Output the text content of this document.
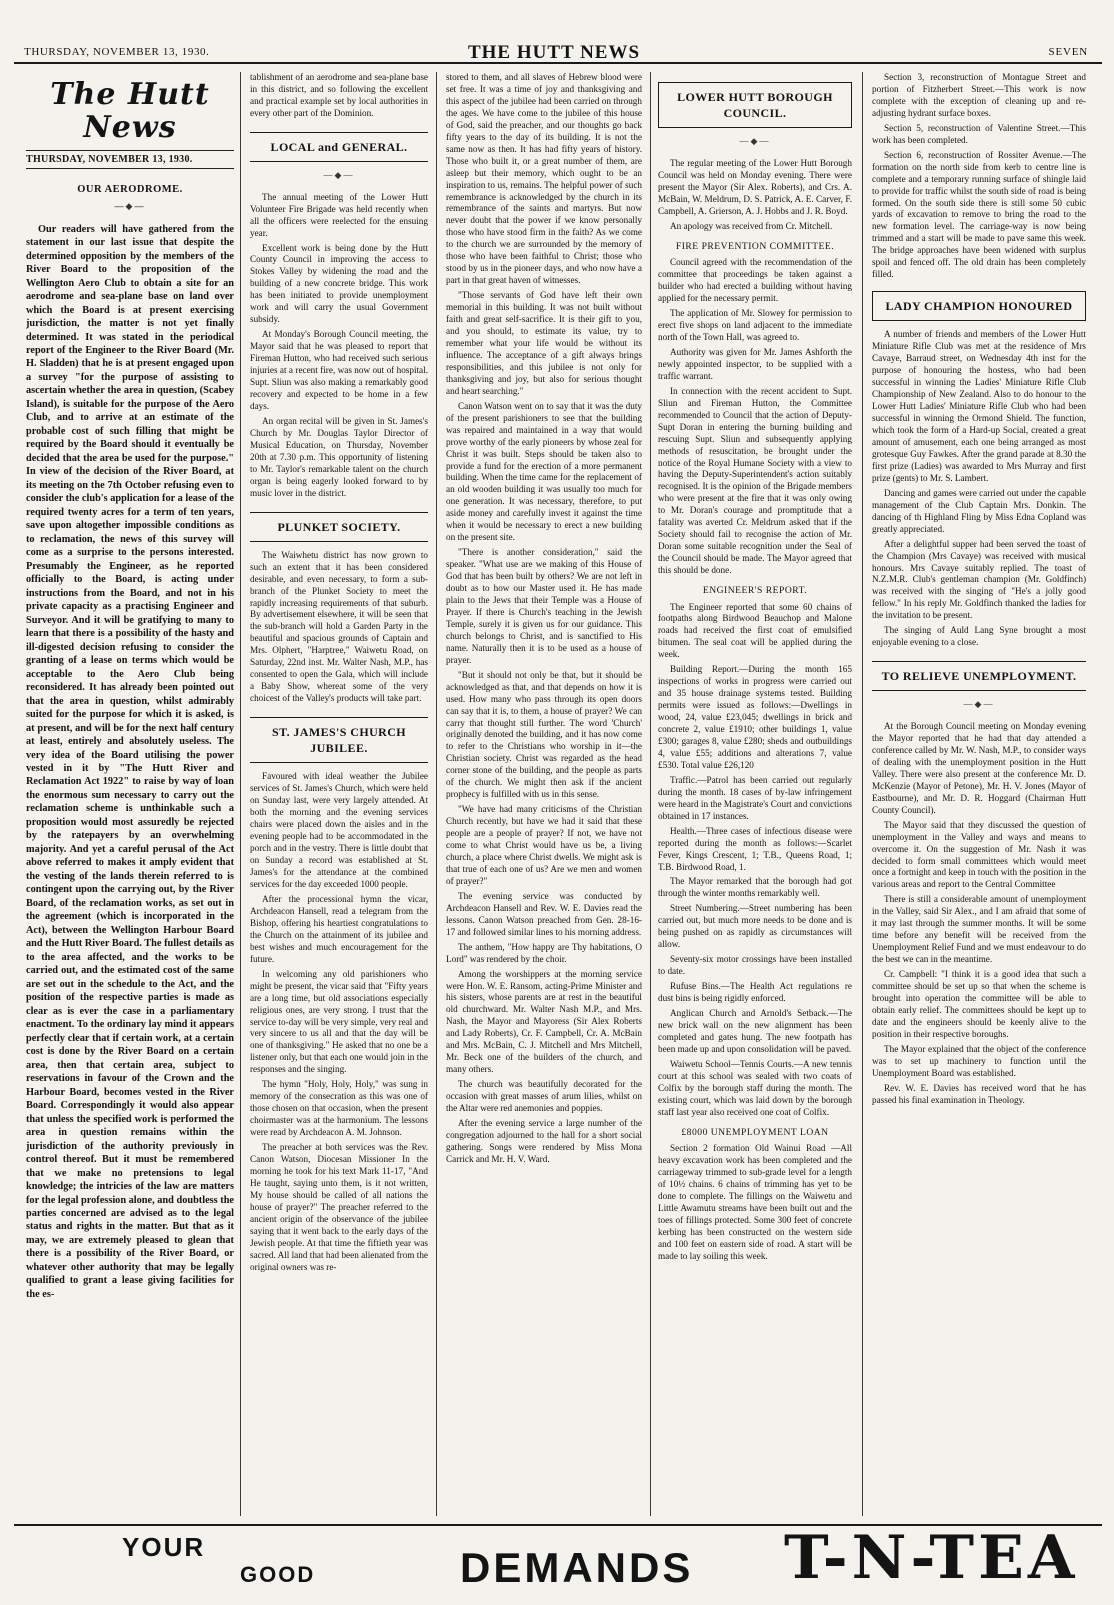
THURSDAY, NOVEMBER 13, 1930.	THE HUTT NEWS	SEVEN
The Hutt News
THURSDAY, NOVEMBER 13, 1930.
OUR AERODROME.
—◆—

Our readers will have gathered from the statement in our last issue that despite the determined opposition by the members of the River Board to the proposition of the Wellington Aero Club to obtain a site for an aerodrome and sea-plane base on land over which the Board is at present exercising jurisdiction, the matter is not yet finally determined. It was stated in the periodical report of the Engineer to the River Board (Mr. H. Sladden) that he is at present engaged upon a survey "for the purpose of assisting to ascertain whether the area in question, (Scabey Island), is suitable for the purpose of the Aero Club, and to arrive at an estimate of the probable cost of such filling that might be required by the Board should it eventually be decided that the area be used for the purpose." In view of the decision of the River Board, at its meeting on the 7th October refusing even to consider the club's application for a lease of the required twenty acres for a term of ten years, save upon altogether impossible conditions as to reclamation, the news of this survey will come as a surprise to the persons interested. Presumably the Engineer, as he reported officially to the Board, is acting under instructions from the Board, and not in his private capacity as a practising Engineer and Surveyor. And it will be gratifying to many to learn that there is a possibility of the hasty and ill-digested decision refusing to consider the granting of a lease on terms which would be acceptable to the Aero Club being reconsidered. It has already been pointed out that the area in question, whilst admirably suited for the purpose for which it is asked, is at present, and will be for the next half century at least, entirely and absolutely useless. The very idea of the Board utilising the power vested in it by "The Hutt River and Reclamation Act 1922" to raise by way of loan the enormous sum necessary to carry out the reclamation scheme is unthinkable such a proposition would most assuredly be rejected by the ratepayers by an overwhelming majority. And yet a careful perusal of the Act above referred to makes it amply evident that the vesting of the lands therein referred to is contingent upon the carrying out, by the River Board, of the reclamation works, as set out in the agreement (which is incorporated in the Act), between the Wellington Harbour Board and the Hutt River Board. The fullest details as to the area affected, and the works to be carried out, and the estimated cost of the same are set out in the schedule to the Act, and the position of the respective parties is made as clear as is ever the case in a parliamentary enactment. To the ordinary lay mind it appears perfectly clear that if certain work, at a certain cost is done by the River Board on a certain area, then that certain area, subject to reservations in favour of the Crown and the Harbour Board, becomes vested in the River Board. Correspondingly it would also appear that unless the specified work is performed the area in question remains within the jurisdiction of the authority previously in control thereof. But it must be remembered that we make no pretensions to legal knowledge; the intricies of the law are matters for the legal profession alone, and doubtless the parties concerned are advised as to the legal status and rights in the matter. But that as it may, we are extremely pleased to glean that there is a possibility of the River Board, or whatever other authority that may be legally qualified to grant a lease giving facilities for the es-

tablishment of an aerodrome and sea-plane base in this district, and so following the excellent and practical example set by local authorities in every other part of the Dominion.

LOCAL and GENERAL.
—◆—

The annual meeting of the Lower Hutt Volunteer Fire Brigade was held recently when all the officers were reelected for the ensuing year.

Excellent work is being done by the Hutt County Council in improving the access to Stokes Valley by widening the road and the building of a new concrete bridge. This work has been initiated to provide unemployment work and will carry the usual Government subsidy.

At Monday's Borough Council meeting, the Mayor said that he was pleased to report that Fireman Hutton, who had received such serious injuries at a recent fire, was now out of hospital. Supt. Sliun was also making a remarkably good recovery and expected to be home in a few days.

An organ recital will be given in St. James's Church by Mr. Douglas Taylor Director of Musical Education, on Thursday, November 20th at 7.30 p.m. This opportunity of listening to Mr. Taylor's remarkable talent on the church organ is being eagerly looked forward to by music lover in the district.

PLUNKET SOCIETY.

The Waiwhetu district has now grown to such an extent that it has been considered desirable, and even necessary, to form a sub-branch of the Plunket Society to meet the rapidly increasing requirements of that suburb. By advertisement elsewhere, it will be seen that the sub-branch will hold a Garden Party in the beautiful and spacious grounds of Captain and Mrs. Olphert, "Harptree," Waiwetu Road, on Saturday, 22nd inst. Mr. Walter Nash, M.P., has consented to open the Gala, which will include a Baby Show, whereat some of the very choicest of the Valley's products will take part.

ST. JAMES'S CHURCH JUBILEE.

Favoured with ideal weather the Jubilee services of St. James's Church, which were held on Sunday last, were very largely attended. At both the morning and the evening services chairs were placed down the aisles and in the evening people had to be accommodated in the porch and in the vestry. There is little doubt that on Sunday a record was established at St. James's for the attendance at the combined services for the day exceeded 1000 people.

After the processional hymn the vicar, Archdeacon Hansell, read a telegram from the Bishop, offering his heartiest congratulations to the Church on the attainment of its jubilee and best wishes and much encouragement for the future.

In welcoming any old parishioners who might be present, the vicar said that "Fifty years are a long time, but old associations especially religious ones, are very strong. I trust that the service to-day will be very simple, very real and very sincere to us all and that the day will be one of thanksgiving." He asked that no one be a listener only, but that each one would join in the responses and the singing.

The hymn "Holy, Holy, Holy," was sung in memory of the consecration as this was one of those chosen on that occasion, when the present choirmaster was at the harmonium. The lessons were read by Archdeacon A. M. Johnson.

The preacher at both services was the Rev. Canon Watson, Diocesan Missioner In the morning he took for his text Mark 11-17, "And He taught, saying unto them, is it not written, My house should be called of all nations the house of prayer?" The preacher referred to the ancient origin of the observance of the jubilee saying that it went back to the early days of the Jewish people. At that time the fiftieth year was sacred. All land that had been alienated from the original owners was re-

stored to them, and all slaves of Hebrew blood were set free. It was a time of joy and thanksgiving and this aspect of the jubilee had been carried on through the ages. We have come to the jubilee of this house of God, said the preacher, and our thoughts go back fifty years to the day of its building. It is not the same now as then. It has had fifty years of history. Those who built it, or a great number of them, are asleep but their memory, which ought to be an inspiration to us, remains. The helpful power of such remembrance is acknowledged by the church in its remembrance of the saints and martyrs. But now never doubt that the power if we know personally those who have stood firm in the faith? As we come to the church we are surrounded by the memory of those who have been faithful to Christ; those who stood by us in the pioneer days, and who now have a part in that great haven of witnesses.

"Those servants of God have left their own memorial in this building. It was not built without faith and great self-sacrifice. It is their gift to you, and you should, to estimate its value, try to remember what your life would be without its influence. The acceptance of a gift always brings responsibilities, and this jubilee is not only for thanksgiving and joy, but also for serious thought and heart searching."

Canon Watson went on to say that it was the duty of the present parishioners to see that the building was repaired and maintained in a way that would prove worthy of the early pioneers by whose zeal for Christ it was built. Steps should be taken also to provide a fund for the erection of a more permanent building. When the time came for the replacement of an old wooden building it was usually too much for one generation. It was necessary, therefore, to put aside money and carefully invest it against the time when it would be necessary to erect a new building on the present site.

"There is another consideration," said the speaker. "What use are we making of this House of God that has been built by others? We are not left in doubt as to how our Master used it. He has made plain to the Jews that their Temple was a House of Prayer. If there is Church's teaching in the Jewish Temple, surely it is given us for our guidance. This church belongs to Christ, and is sanctified to His name. Naturally then it is to be used as a house of prayer.

"But it should not only be that, but it should be acknowledged as that, and that depends on how it is used. How many who pass through its open doors can say that it is, to them, a house of prayer? We can carry that thought still further. The word 'Church' originally denoted the building, and it has now come to refer to the Christians who worship in it—the Christian society. Christ was regarded as the head corner stone of the building, and the people as parts of the church. We might then ask if the ancient prophecy is fulfilled with us in this sense.

"We have had many criticisms of the Christian Church recently, but have we had it said that these people are a people of prayer? If not, we have not come to what Christ would have us be, a living church, a place where Christ dwells. We might ask is that true of each one of us? Are we men and women of prayer?"

The evening service was conducted by Archdeacon Hansell and Rev. W. E. Davies read the lessons. Canon Watson preached from Gen. 28-16-17 and followed similar lines to his morning address.

The anthem, "How happy are Thy habitations, O Lord" was rendered by the choir.

Among the worshippers at the morning service were Hon. W. E. Ransom, acting-Prime Minister and his sisters, whose parents are at rest in the beautiful old churchward. Mr. Walter Nash M.P., and Mrs. Nash, the Mayor and Mayoress (Sir Alex Roberts and Lady Roberts), Cr. F. Campbell, Cr. A. McBain and Mrs. McBain, C. J. Mitchell and Mrs Mitchell, Mr. Beck one of the builders of the church, and many others.

The church was beautifully decorated for the occasion with great masses of arum lilies, whilst on the Altar were red anemonies and poppies.

After the evening service a large number of the congregation adjourned to the hall for a short social gathering. Songs were rendered by Miss Mona Carrick and Mr. H. V. Ward.

LOWER HUTT BOROUGH COUNCIL.
—◆—

The regular meeting of the Lower Hutt Borough Council was held on Monday evening. There were present the Mayor (Sir Alex. Roberts), and Crs. A. McBain, W. Meldrum, D. S. Patrick, A. E. Carver, F. Campbell, A. Grierson, A. J. Hobbs and J. R. Boyd.

An apology was received from Cr. Mitchell.

FIRE PREVENTION COMMITTEE.

Council agreed with the recommendation of the committee that proceedings be taken against a builder who had erected a building without having applied for the necessary permit.

The application of Mr. Slowey for permission to erect five shops on land adjacent to the immediate north of the Town Hall, was agreed to.

Authority was given for Mr. James Ashforth the newly appointed inspector, to be supplied with a traffic warrant.

In connection with the recent accident to Supt. Sliun and Fireman Hutton, the Committee recommended to Council that the action of Deputy-Supt Doran in entering the burning building and rescuing Supt. Sliun and subsequently applying methods of resuscitation, be brought under the notice of the Royal Humane Society with a view to having the Deputy-Superintendent's action suitably recognised. It is the opinion of the Brigade members who were present at the fire that it was only owing to Mr. Doran's courage and promptitude that a fatality was averted Cr. Meldrum asked that if the Society should fail to recognise the action of Mr. Doran some suitable recognition under the Seal of the Council should be made. The Mayor agreed that this should be done.

ENGINEER'S REPORT.

The Engineer reported that some 60 chains of footpaths along Birdwood Beauchop and Malone roads had received the first coat of emulsified bitumen. The seal coat will be applied during the week.

Building Report.—During the month 165 inspections of works in progress were carried out and 35 house drainage systems tested. Building permits were issued as follows:—Dwellings in wood, 24, value £23,045; dwellings in brick and concrete 2, value £1910; other buildings 1, value £300; garages 8, value £280; sheds and outbuildings 4, value £55; additions and alterations 7, value £530. Total value £26,120

Traffic.—Patrol has been carried out regularly during the month. 18 cases of by-law infringement were heard in the Magistrate's Court and convictions obtained in 17 instances.

Health.—Three cases of infectious disease were reported during the month as follows:—Scarlet Fever, Kings Crescent, 1; T.B., Queens Road, 1; T.B. Birdwood Road, 1.

The Mayor remarked that the borough had got through the winter months remarkably well.

Street Numbering.—Street numbering has been carried out, but much more needs to be done and is being pushed on as rapidly as circumstances will allow.

Seventy-six motor crossings have been installed to date.

Rufuse Bins.—The Health Act regulations re dust bins is being rigidly enforced.

Anglican Church and Arnold's Setback.—The new brick wall on the new alignment has been completed and gates hung. The new footpath has been made up and upon consolidation will be paved.

Waiwetu School—Tennis Courts.—A new tennis court at this school was sealed with two coats of Colfix by the borough staff during the month. The existing court, which was laid down by the borough staff last year also received one coat of Colfix.

£8000 UNEMPLOYMENT LOAN

Section 2 formation Old Wainui Road —All heavy excavation work has been completed and the carriageway trimmed to sub-grade level for a length of 10½ chains. 6 chains of trimming has yet to be done to complete. The fillings on the Waiwetu and Little Awamutu streams have been built out and the toes of fillings protected. Some 300 feet of concrete kerbing has been constructed on the western side and 100 feet on eastern side of road. A start will be made to lay soiling this week.

Section 3, reconstruction of Montague Street and portion of Fitzherbert Street.—This work is now complete with the exception of cleaning up and re-adjusting hydrant surface boxes.

Section 5, reconstruction of Valentine Street.—This work has been completed.

Section 6, reconstruction of Rossiter Avenue.—The formation on the north side from kerb to centre line is complete and a temporary running surface of shingle laid to provide for traffic whilst the south side of road is being formed. On the south side there is still some 50 cubic yards of excavation to remove to bring the road to the new formation level. The carriage-way is now being trimmed and a start will be made to pave same this week. The bridge approaches have been widened with surplus spoil and fenced off. The old drain has been completely filled.

LADY CHAMPION HONOURED

A number of friends and members of the Lower Hutt Miniature Rifle Club was met at the residence of Mrs Cavaye, Barraud street, on Wednesday 4th inst for the purpose of honouring the hostess, who had been successful in winning the Ladies' Miniature Rifle Club Championship of New Zealand. Also to do honour to the Lower Hutt Ladies' Miniature Rifle Club who had been successful in winning the Ormond Shield. The function, which took the form of a Hard-up Social, created a great amount of amusement, each one being arranged as most grotesque Guy Fawkes. After the grand parade at 8.30 the first prize (Ladies) was awarded to Mrs Murray and first prize (gents) to Mr. S. Lambert.

Dancing and games were carried out under the capable management of the Club Captain Mrs. Donkin. The dancing of th Highland Fling by Miss Edna Copland was greatly appreciated.

After a delightful supper had been served the toast of the Champion (Mrs Cavaye) was received with musical honours. Mrs Cavaye suitably replied. The toast of N.Z.M.R. Club's gentleman champion (Mr. Goldfinch) was received with the singing of "He's a jolly good fellow." In his reply Mr. Goldfinch thanked the ladies for the invitation to be present.

The singing of Auld Lang Syne brought a most enjoyable evening to a close.

TO RELIEVE UNEMPLOYMENT.
—◆—

At the Borough Council meeting on Monday evening the Mayor reported that he had that day attended a conference called by Mr. W. Nash, M.P., to consider ways of dealing with the unemployment position in the Hutt Valley. There were also present at the conference Mr. D. McKenzie (Mayor of Petone), Mr. H. V. Jones (Mayor of Eastbourne), and Mr. D. R. Hoggard (Chairman Hutt County Council).

The Mayor said that they discussed the question of unemployment in the Valley and ways and means to overcome it. On the suggestion of Mr. Nash it was decided to form small committees which would meet once a fortnight and keep in touch with the position in the various areas and report to the Central Committee

There is still a considerable amount of unemployment in the Valley, said Sir Alex., and I am afraid that some of it may last through the summer months. It will be some time before any benefit will be received from the Unemployment Relief Fund and we must endeavour to do the best we can in the meantime.

Cr. Campbell: "I think it is a good idea that such a committee should be set up so that when the scheme is brought into operation the committee will be able to obtain early relief. The committees should be kept up to date and the engineers should be keenly alive to the position in their respective boroughs.

The Mayor explained that the object of the conference was to set up machinery to function until the Unemployment Board was established.

Rev. W. E. Davies has received word that he has passed his final examination in Theology.

YOUR
GOOD	DEMANDS T-N-TEA
